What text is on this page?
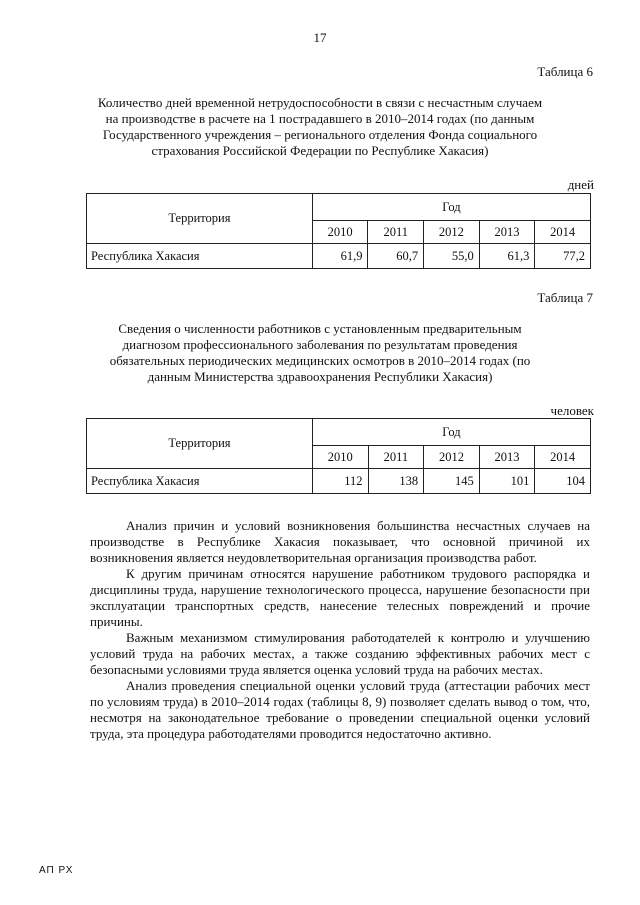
17
Таблица 6
Количество дней временной нетрудоспособности в связи с несчастным случаем на производстве в расчете на 1 пострадавшего в 2010–2014 годах (по данным Государственного учреждения – регионального отделения Фонда социального страхования Российской Федерации по Республике Хакасия)
дней
Территория	Год				
	2010	2011	2012	2013	2014
Республика Хакасия	61,9	60,7	55,0	61,3	77,2
Таблица 7
Сведения о численности работников с установленным предварительным диагнозом профессионального заболевания по результатам проведения обязательных периодических медицинских осмотров в 2010–2014 годах (по данным Министерства здравоохранения Республики Хакасия)
человек
Территория	Год				
	2010	2011	2012	2013	2014
Республика Хакасия	112	138	145	101	104

Анализ причин и условий возникновения большинства несчастных случаев на производстве в Республике Хакасия показывает, что основной причиной их возникновения является неудовлетворительная организация производства работ.

К другим причинам относятся нарушение работником трудового распорядка и дисциплины труда, нарушение технологического процесса, нарушение безопасности при эксплуатации транспортных средств, нанесение телесных повреждений и прочие причины.

Важным механизмом стимулирования работодателей к контролю и улучшению условий труда на рабочих местах, а также созданию эффективных рабочих мест с безопасными условиями труда является оценка условий труда на рабочих местах.

Анализ проведения специальной оценки условий труда (аттестации рабочих мест по условиям труда) в 2010–2014 годах (таблицы 8, 9) позволяет сделать вывод о том, что, несмотря на законодательное требование о проведении специальной оценки условий труда, эта процедура работодателями проводится недостаточно активно.

АП РХ
